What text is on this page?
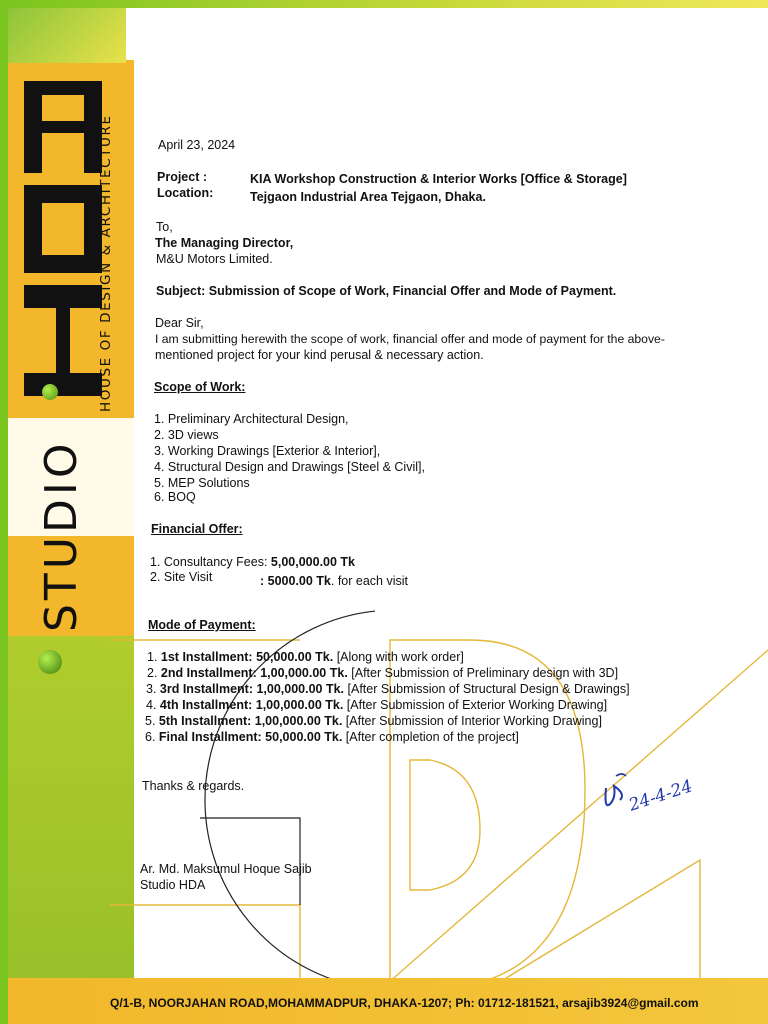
STUDIO
HOUSE OF DESIGN & ARCHITECTURE	April 23, 2024
Project :	KIA Workshop Construction & Interior Works [Office & Storage]
Location:	Tejgaon Industrial Area Tejgaon, Dhaka.
To,
The Managing Director,
M&U Motors Limited.
Subject: Submission of Scope of Work, Financial Offer and Mode of Payment.
Dear Sir,
I am submitting herewith the scope of work, financial offer and mode of payment for the above-
mentioned project for your kind perusal & necessary action.
Scope of Work:
1. Preliminary Architectural Design,
2. 3D views
3. Working Drawings [Exterior & Interior],
4. Structural Design and Drawings [Steel & Civil],
5. MEP Solutions
6. BOQ
Financial Offer:
1. Consultancy Fees: 5,00,000.00 Tk
2. Site Visit	: 5000.00 Tk. for each visit
Mode of Payment:
1. 1st Installment: 50,000.00 Tk. [Along with work order]
2. 2nd Installment: 1,00,000.00 Tk. [After Submission of Preliminary design with 3D]
3. 3rd Installment: 1,00,000.00 Tk. [After Submission of Structural Design & Drawings]
4. 4th Installment: 1,00,000.00 Tk. [After Submission of Exterior Working Drawing]
5. 5th Installment: 1,00,000.00 Tk. [After Submission of Interior Working Drawing]
6. Final Installment: 50,000.00 Tk. [After completion of the project]
Thanks & regards.
Ar. Md. Maksumul Hoque Sajib
Studio HDA
24-4-24
Q/1-B, NOORJAHAN ROAD,MOHAMMADPUR, DHAKA-1207; Ph: 01712-181521, arsajib3924@gmail.com
